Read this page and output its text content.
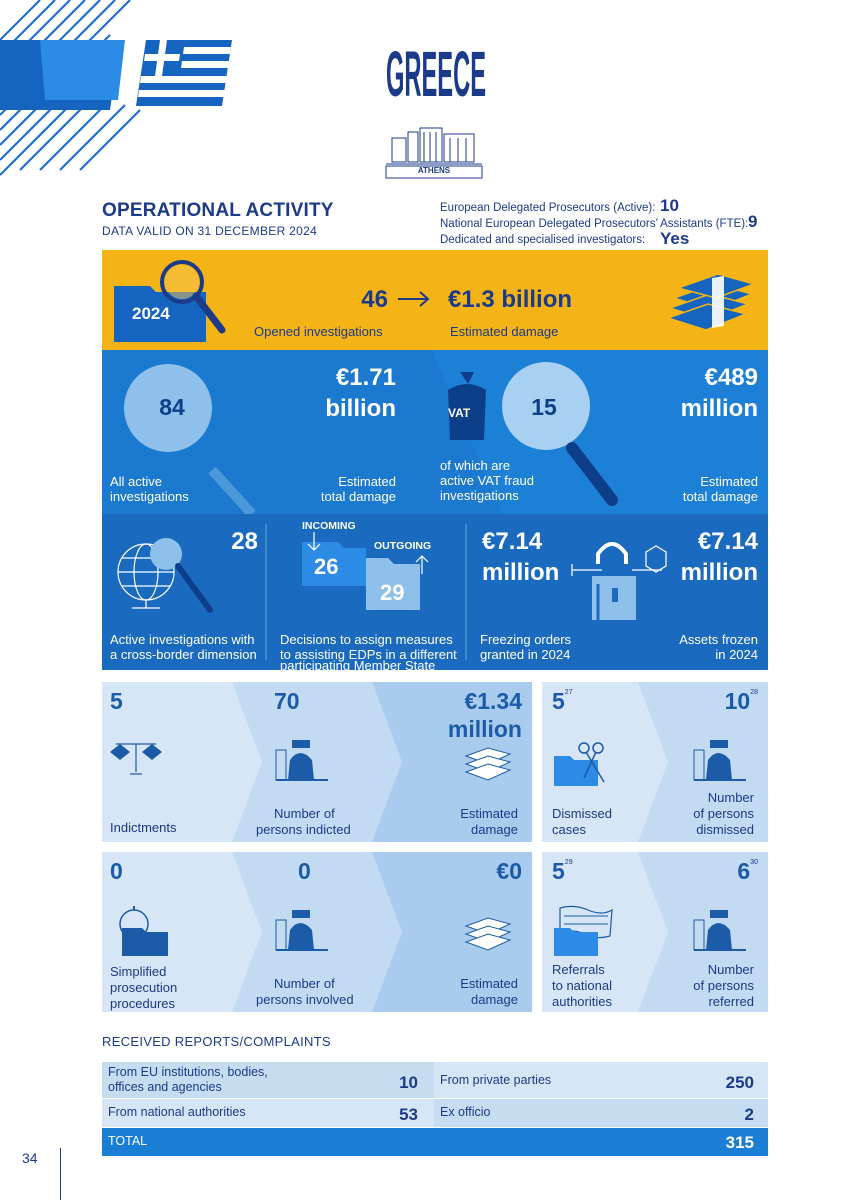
GREECE
ATHENS
OPERATIONAL ACTIVITY
DATA VALID ON 31 DECEMBER 2024
European Delegated Prosecutors (Active): 10
National European Delegated Prosecutors’ Assistants (FTE): 9
Dedicated and specialised investigators: Yes
2024
46	€1.3 billion
Opened investigations	Estimated damage
84
All active
investigations
€1.71
billion
Estimated
total damage
VAT	15
of which are
active VAT fraud
investigations
€489
million
Estimated
total damage
28
Active investigations with
a cross-border dimension
INCOMING
26
OUTGOING
29
Decisions to assign measures
to assisting EDPs in a different
participating Member State
€7.14
million
Freezing orders
granted in 2024
€7.14
million
Assets frozen
in 2024
5
Indictments
70
Number of
persons indicted
€1.34
million
Estimated
damage
$5^{27}$
Dismissed
cases
$10^{28}$
Number
of persons
dismissed
0
Simplified
prosecution
procedures
0
Number of
persons involved
€0
Estimated
damage
$5^{29}$
Referrals
to national
authorities
$6^{30}$
Number
of persons
referred
RECEIVED REPORTS/COMPLAINTS
From EU institutions, bodies,
offices and agencies	10 From private parties	250
From national authorities	53 Ex officio	2
TOTAL	315
34
